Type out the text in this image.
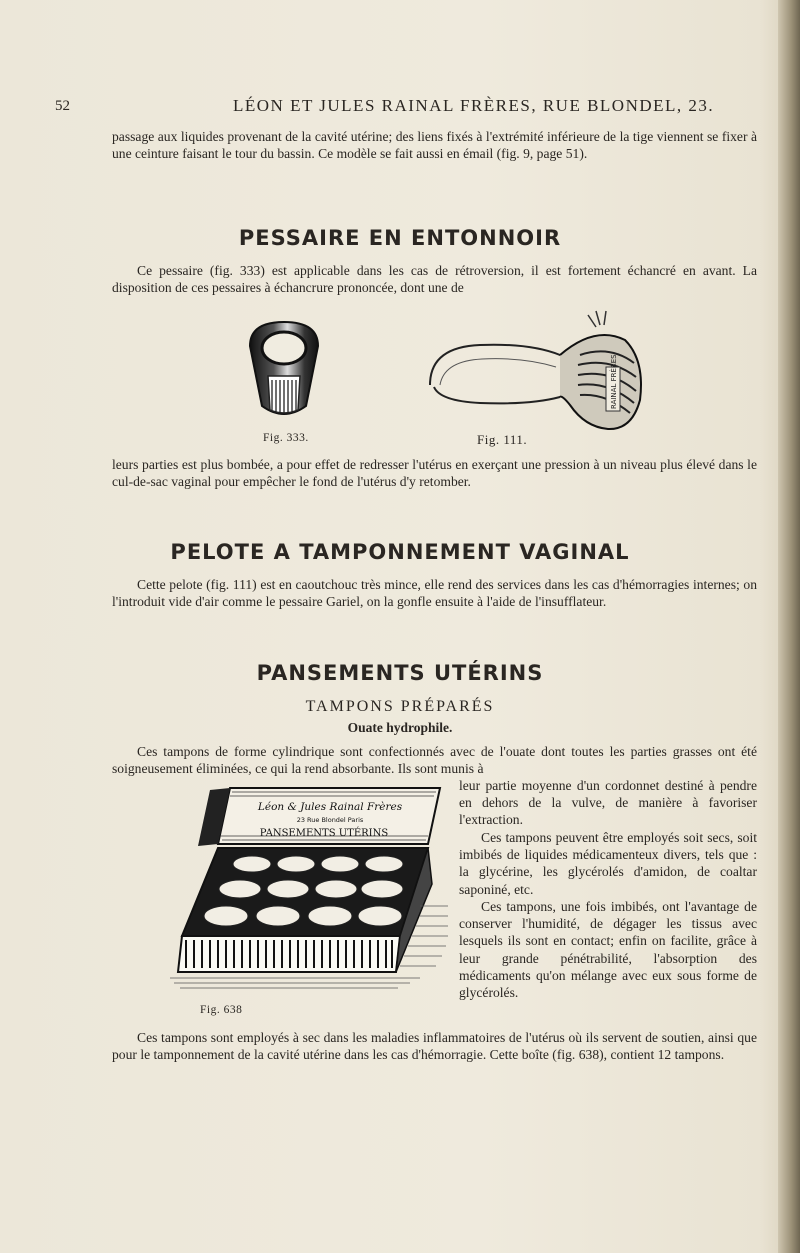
52	LÉON ET JULES RAINAL FRÈRES, RUE BLONDEL, 23.

passage aux liquides provenant de la cavité utérine; des liens fixés à l'extrémité inférieure de la tige viennent se fixer à une ceinture faisant le tour du bassin. Ce modèle se fait aussi en émail (fig. 9, page 51).

PESSAIRE EN ENTONNOIR

Ce pessaire (fig. 333) est applicable dans les cas de rétroversion, il est fortement échancré en avant. La disposition de ces pessaires à échancrure prononcée, dont une de

Fig. 333.
RAINAL FRÈRES
Fig. 111.

leurs parties est plus bombée, a pour effet de redresser l'utérus en exerçant une pression à un niveau plus élevé dans le cul-de-sac vaginal pour empêcher le fond de l'utérus d'y retomber.

PELOTE A TAMPONNEMENT VAGINAL

Cette pelote (fig. 111) est en caoutchouc très mince, elle rend des services dans les cas d'hémorragies internes; on l'introduit vide d'air comme le pessaire Gariel, on la gonfle ensuite à l'aide de l'insufflateur.

PANSEMENTS UTÉRINS
TAMPONS PRÉPARÉS
Ouate hydrophile.

Ces tampons de forme cylindrique sont confectionnés avec de l'ouate dont toutes les parties grasses ont été soigneusement éliminées, ce qui la rend absorbante. Ils sont munis à

leur partie moyenne d'un cordonnet destiné à pendre en dehors de la vulve, de manière à favoriser l'extraction.

Ces tampons peuvent être employés soit secs, soit imbibés de liquides médicamenteux divers, tels que : la glycérine, les glycérolés d'amidon, de coaltar saponiné, etc.

Ces tampons, une fois imbibés, ont l'avantage de conserver l'humidité, de dégager les tissus avec lesquels ils sont en contact; enfin on facilite, grâce à leur grande pénétrabilité, l'absorption des médicaments qu'on mélange avec eux sous forme de glycérolés.

Léon & Jules Rainal Frères
23 Rue Blondel Paris
PANSEMENTS UTÉRINS
Fig. 638

Ces tampons sont employés à sec dans les maladies inflammatoires de l'utérus où ils servent de soutien, ainsi que pour le tamponnement de la cavité utérine dans les cas d'hémorragie. Cette boîte (fig. 638), contient 12 tampons.
